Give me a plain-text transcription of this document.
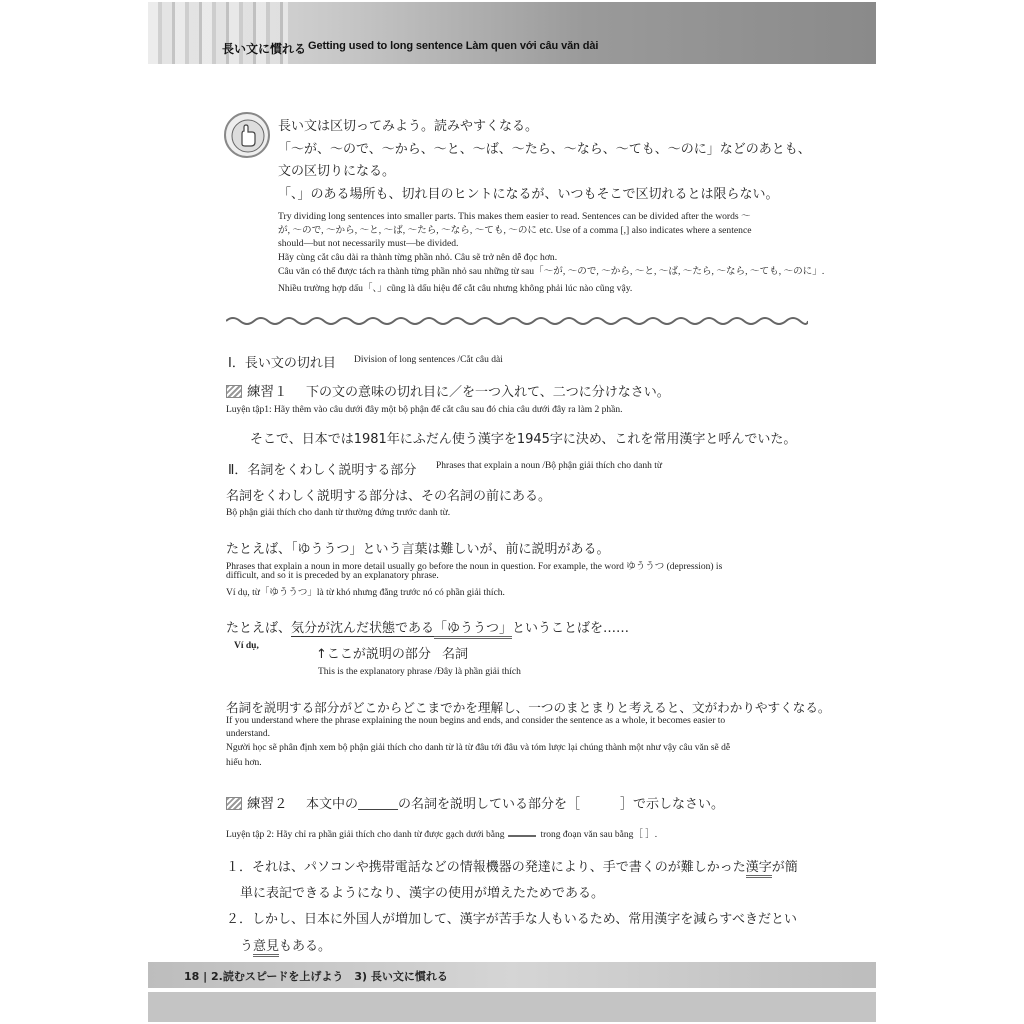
長い文に慣れる Getting used to long sentence Làm quen với câu văn dài
長い文は区切ってみよう。読みやすくなる。
「～が、～ので、～から、～と、～ば、～たら、～なら、～ても、～のに」などのあとも、
文の区切りになる。
「、」のある場所も、切れ目のヒントになるが、いつもそこで区切れるとは限らない。
Try dividing long sentences into smaller parts. This makes them easier to read. Sentences can be divided after the words ～
が, ～ので, ～から, ～と, ～ば, ～たら, ～なら, ～ても, ～のに etc. Use of a comma [,] also indicates where a sentence
should—but not necessarily must—be divided.
Hãy cùng cắt câu dài ra thành từng phần nhỏ. Câu sẽ trở nên dễ đọc hơn.
Câu văn có thể được tách ra thành từng phần nhỏ sau những từ sau「～が, ～ので, ～から, ～と, ～ば, ～たら, ～なら, ～ても, ～のに」.
Nhiều trường hợp dấu「、」cũng là dấu hiệu để cắt câu nhưng không phải lúc nào cũng vậy.
Ⅰ．長い文の切れ目 Division of long sentences /Cắt câu dài
練習１ 下の文の意味の切れ目に／を一つ入れて、二つに分けなさい。
Luyện tập1: Hãy thêm vào câu dưới đây một bộ phận để cắt câu sau đó chia câu dưới đây ra làm 2 phần.
そこで、日本では1981年にふだん使う漢字を1945字に決め、これを常用漢字と呼んでいた。
Ⅱ．名詞をくわしく説明する部分 Phrases that explain a noun /Bộ phận giải thích cho danh từ
名詞をくわしく説明する部分は、その名詞の前にある。
Bộ phận giải thích cho danh từ thường đứng trước danh từ.
たとえば、「ゆううつ」という言葉は難しいが、前に説明がある。
Phrases that explain a noun in more detail usually go before the noun in question. For example, the word ゆううつ (depression) is
difficult, and so it is preceded by an explanatory phrase.
Ví dụ, từ「ゆううつ」là từ khó nhưng đằng trước nó có phần giải thích.
たとえば、気分が沈んだ状態である「ゆううつ」ということばを……
Ví dụ,
↑ここが説明の部分 名詞
This is the explanatory phrase /Đây là phần giải thích
名詞を説明する部分がどこからどこまでかを理解し、一つのまとまりと考えると、文がわかりやすくなる。
If you understand where the phrase explaining the noun begins and ends, and consider the sentence as a whole, it becomes easier to
understand.
Người học sẽ phân định xem bộ phận giải thích cho danh từ là từ đâu tới đâu và tóm lược lại chúng thành một như vậy câu văn sẽ dễ
hiểu hơn.
練習２ 本文中の	の名詞を説明している部分を［	］で示しなさい。
Luyện tập 2: Hãy chỉ ra phần giải thích cho danh từ được gạch dưới bằng	trong đoạn văn sau bằng［ ］.
１．それは、パソコンや携帯電話などの情報機器の発達により、手で書くのが難しかった漢字が簡
単に表記できるようになり、漢字の使用が増えたためである。
２．しかし、日本に外国人が増加して、漢字が苦手な人もいるため、常用漢字を減らすべきだとい
う意見もある。
18 | 2.読むスピードを上げよう　3) 長い文に慣れる
